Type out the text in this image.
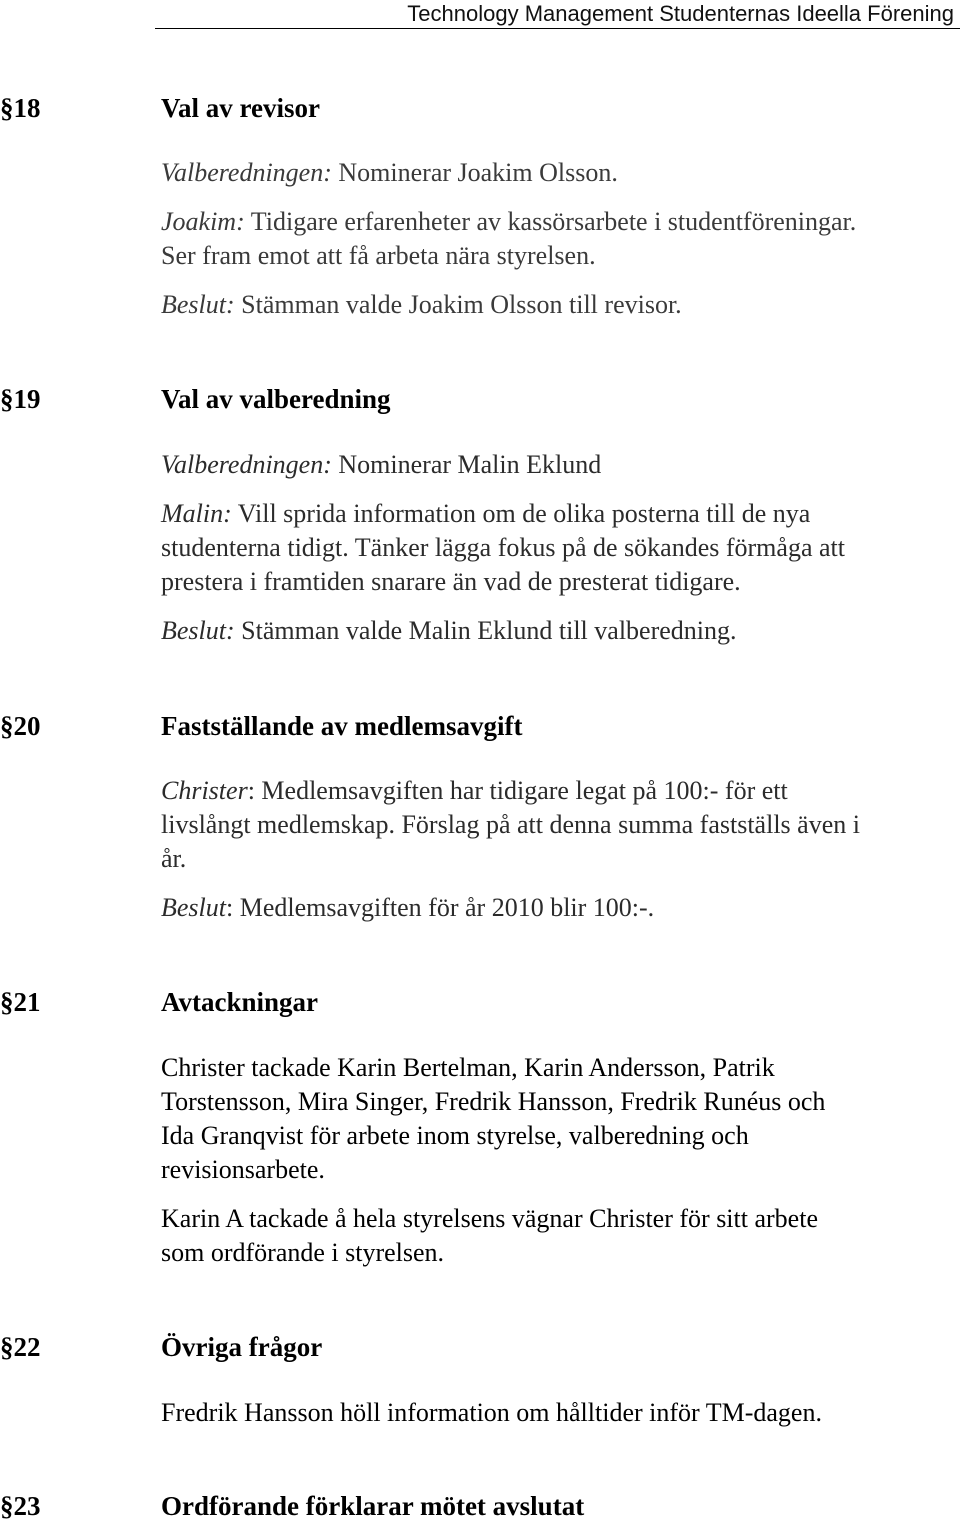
Technology Management Studenternas Ideella Förening
§18	Val av revisor
Valberedningen: Nominerar Joakim Olsson.
Joakim: Tidigare erfarenheter av kassörsarbete i studentföreningar.
Ser fram emot att få arbeta nära styrelsen.
Beslut: Stämman valde Joakim Olsson till revisor.
§19	Val av valberedning
Valberedningen: Nominerar Malin Eklund
Malin: Vill sprida information om de olika posterna till de nya
studenterna tidigt. Tänker lägga fokus på de sökandes förmåga att
prestera i framtiden snarare än vad de presterat tidigare.
Beslut: Stämman valde Malin Eklund till valberedning.
§20	Fastställande av medlemsavgift
Christer: Medlemsavgiften har tidigare legat på 100:- för ett
livslångt medlemskap. Förslag på att denna summa fastställs även i
år.
Beslut: Medlemsavgiften för år 2010 blir 100:-.
§21	Avtackningar
Christer tackade Karin Bertelman, Karin Andersson, Patrik
Torstensson, Mira Singer, Fredrik Hansson, Fredrik Runéus och
Ida Granqvist för arbete inom styrelse, valberedning och
revisionsarbete.
Karin A tackade å hela styrelsens vägnar Christer för sitt arbete
som ordförande i styrelsen.
§22	Övriga frågor
Fredrik Hansson höll information om hålltider inför TM-dagen.
§23	Ordförande förklarar mötet avslutat
